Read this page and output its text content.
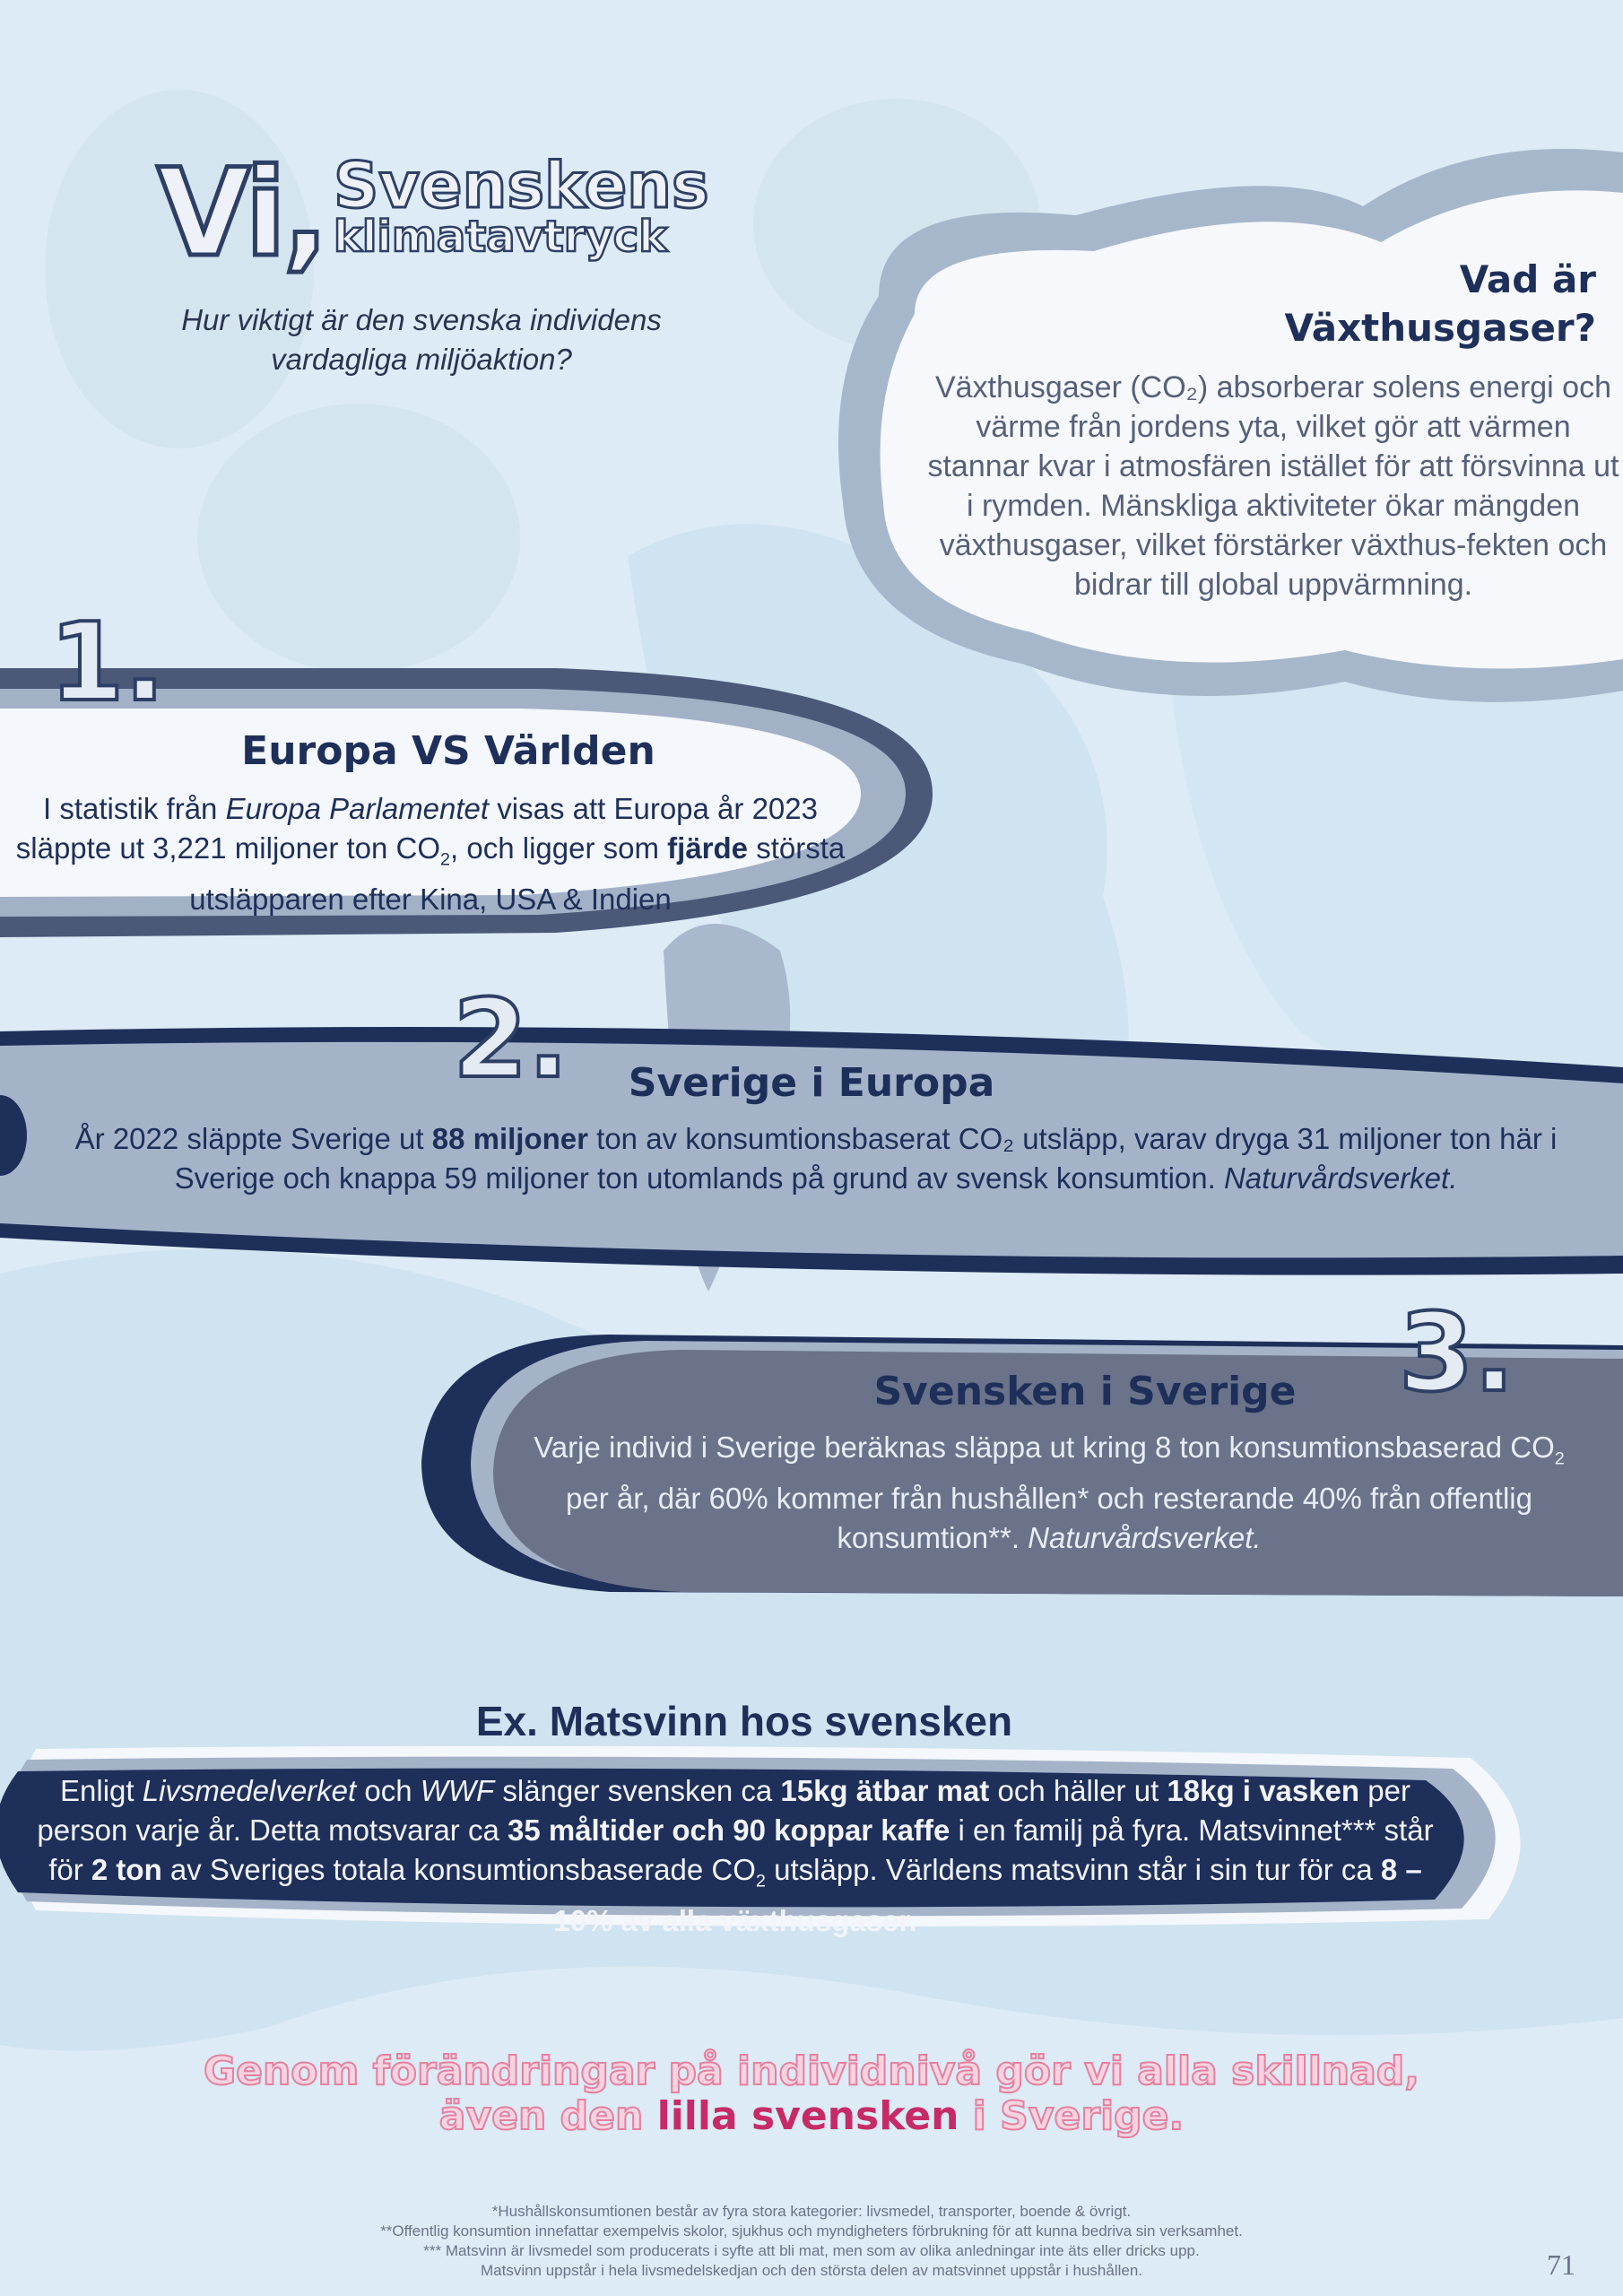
Vi, Svenskens
klimatavtryck
Hur viktigt är den svenska individens vardagliga miljöaktion?
Vad är
Växthusgaser?
Växthusgaser (CO₂) absorberar solens energi och värme från jordens yta, vilket gör att värmen stannar kvar i atmosfären istället för att försvinna ut i rymden. Mänskliga aktiviteter ökar mängden växthusgaser, vilket förstärker växthus-fekten och bidrar till global uppvärmning.
1.
Europa VS Världen
I statistik från Europa Parlamentet visas att Europa år 2023 släppte ut 3,221 miljoner ton $CO_2$, och ligger som fjärde största utsläpparen efter Kina, USA & Indien
2.	Sverige i Europa
År 2022 släppte Sverige ut 88 miljoner ton av konsumtionsbaserat CO₂ utsläpp, varav dryga 31 miljoner ton här i Sverige och knappa 59 miljoner ton utomlands på grund av svensk konsumtion. Naturvårdsverket.
3.
Svensken i Sverige
Varje individ i Sverige beräknas släppa ut kring 8 ton konsumtionsbaserad $CO_2$ per år, där 60% kommer från hushållen* och resterande 40% från offentlig konsumtion**. Naturvårdsverket.
Ex. Matsvinn hos svensken
Enligt Livsmedelverket och WWF slänger svensken ca 15kg ätbar mat och häller ut 18kg i vasken per person varje år. Detta motsvarar ca 35 måltider och 90 koppar kaffe i en familj på fyra. Matsvinnet*** står för 2 ton av Sveriges totala konsumtionsbaserade $CO_2$ utsläpp. Världens matsvinn står i sin tur för ca 8 – 10% av alla växthusgaser.
Genom förändringar på individnivå gör vi alla skillnad,
även den lilla svensken i Sverige.
*Hushållskonsumtionen består av fyra stora kategorier: livsmedel, transporter, boende & övrigt.
**Offentlig konsumtion innefattar exempelvis skolor, sjukhus och myndigheters förbrukning för att kunna bedriva sin verksamhet.
*** Matsvinn är livsmedel som producerats i syfte att bli mat, men som av olika anledningar inte äts eller dricks upp.
Matsvinn uppstår i hela livsmedelskedjan och den största delen av matsvinnet uppstår i hushållen.	71
